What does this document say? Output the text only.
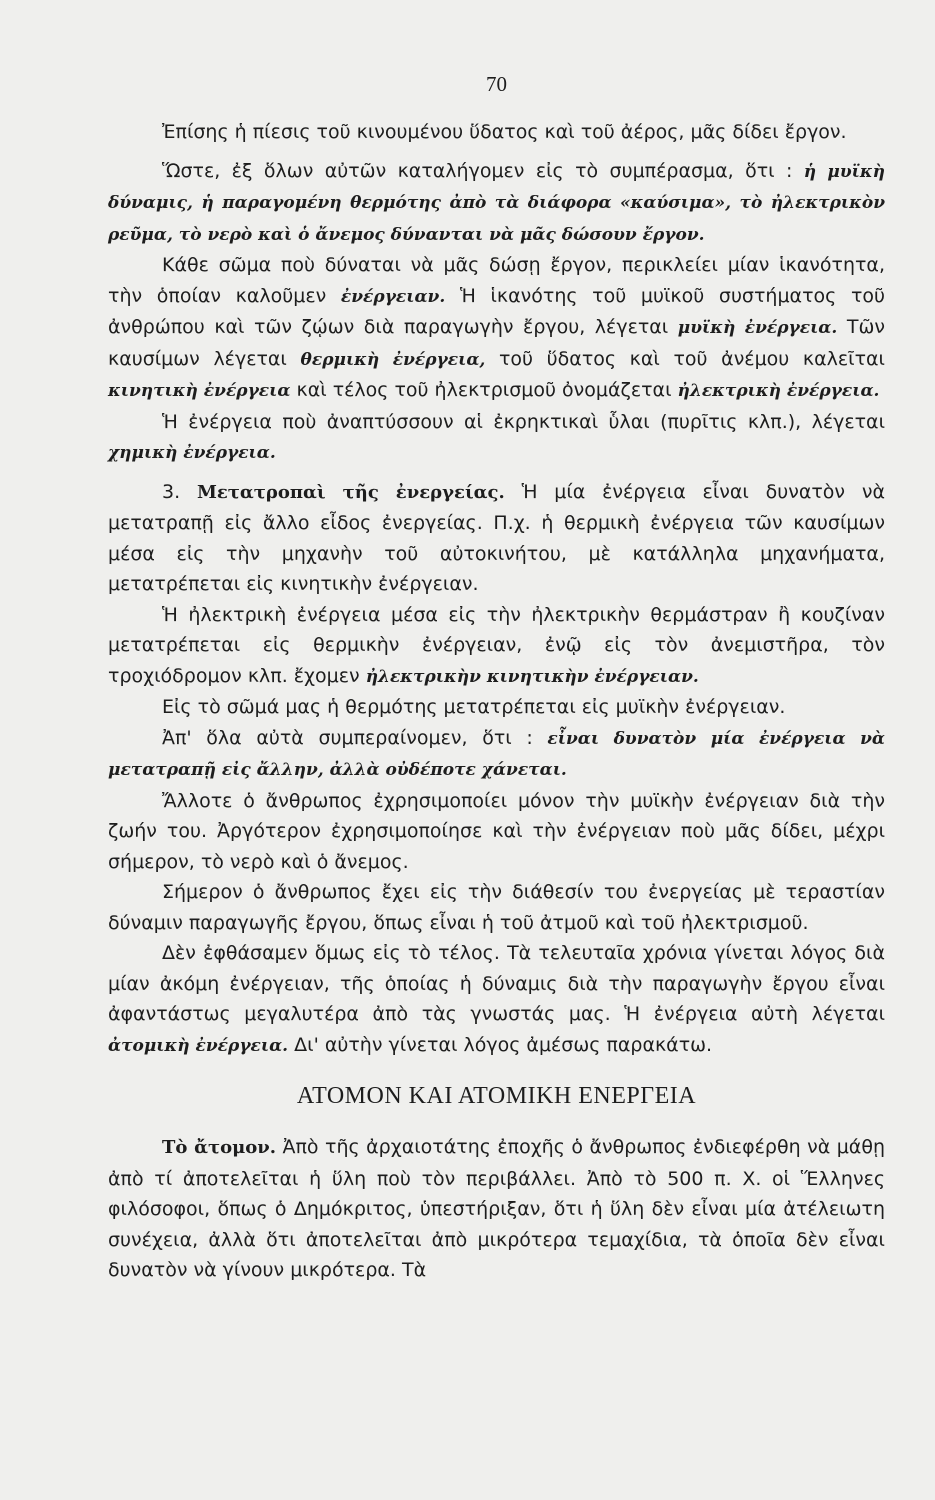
70

Ἐπίσης ἡ πίεσις τοῦ κινουμένου ὕδατος καὶ τοῦ ἀέρος, μᾶς δίδει ἔργον.

Ὥστε, ἐξ ὅλων αὐτῶν καταλήγομεν εἰς τὸ συμπέρασμα, ὅτι : ἡ μυϊκὴ δύναμις, ἡ παραγομένη θερμότης ἀπὸ τὰ διάφορα «καύσιμα», τὸ ἠλεκτρικὸν ρεῦμα, τὸ νερὸ καὶ ὁ ἄνεμος δύνανται νὰ μᾶς δώσουν ἔργον.

Κάθε σῶμα ποὺ δύναται νὰ μᾶς δώσῃ ἔργον, περικλείει μίαν ἱκανότητα, τὴν ὁποίαν καλοῦμεν ἐνέργειαν. Ἡ ἱκανότης τοῦ μυϊκοῦ συστήματος τοῦ ἀνθρώπου καὶ τῶν ζῴων διὰ παραγωγὴν ἔργου, λέγεται μυϊκὴ ἐνέργεια. Τῶν καυσίμων λέγεται θερμικὴ ἐνέργεια, τοῦ ὕδατος καὶ τοῦ ἀνέμου καλεῖται κινητικὴ ἐνέργεια καὶ τέλος τοῦ ἠλεκτρισμοῦ ὀνομάζεται ἠλεκτρικὴ ἐνέργεια.

Ἡ ἐνέργεια ποὺ ἀναπτύσσουν αἱ ἐκρηκτικαὶ ὗλαι (πυρῖτις κλπ.), λέγεται χημικὴ ἐνέργεια.

3. Μετατροπαὶ τῆς ἐνεργείας. Ἡ μία ἐνέργεια εἶναι δυνατὸν νὰ μετατραπῇ εἰς ἄλλο εἶδος ἐνεργείας. Π.χ. ἡ θερμικὴ ἐνέργεια τῶν καυσίμων μέσα εἰς τὴν μηχανὴν τοῦ αὐτοκινήτου, μὲ κατάλληλα μηχανήματα, μετατρέπεται εἰς κινητικὴν ἐνέργειαν.

Ἡ ἠλεκτρικὴ ἐνέργεια μέσα εἰς τὴν ἠλεκτρικὴν θερμάστραν ἢ κουζίναν μετατρέπεται εἰς θερμικὴν ἐνέργειαν, ἐνῷ εἰς τὸν ἀνεμιστῆρα, τὸν τροχιόδρομον κλπ. ἔχομεν ἠλεκτρικὴν κινητικὴν ἐνέργειαν.

Εἰς τὸ σῶμά μας ἡ θερμότης μετατρέπεται εἰς μυϊκὴν ἐνέργειαν.

Ἀπ' ὅλα αὐτὰ συμπεραίνομεν, ὅτι : εἶναι δυνατὸν μία ἐνέργεια νὰ μετατραπῇ εἰς ἄλλην, ἀλλὰ οὐδέποτε χάνεται.

Ἄλλοτε ὁ ἄνθρωπος ἐχρησιμοποίει μόνον τὴν μυϊκὴν ἐνέργειαν διὰ τὴν ζωήν του. Ἀργότερον ἐχρησιμοποίησε καὶ τὴν ἐνέργειαν ποὺ μᾶς δίδει, μέχρι σήμερον, τὸ νερὸ καὶ ὁ ἄνεμος.

Σήμερον ὁ ἄνθρωπος ἔχει εἰς τὴν διάθεσίν του ἐνεργείας μὲ τεραστίαν δύναμιν παραγωγῆς ἔργου, ὅπως εἶναι ἡ τοῦ ἀτμοῦ καὶ τοῦ ἠλεκτρισμοῦ.

Δὲν ἐφθάσαμεν ὅμως εἰς τὸ τέλος. Τὰ τελευταῖα χρόνια γίνεται λόγος διὰ μίαν ἀκόμη ἐνέργειαν, τῆς ὁποίας ἡ δύναμις διὰ τὴν παραγωγὴν ἔργου εἶναι ἀφαντάστως μεγαλυτέρα ἀπὸ τὰς γνωστάς μας. Ἡ ἐνέργεια αὐτὴ λέγεται ἀτομικὴ ἐνέργεια. Δι' αὐτὴν γίνεται λόγος ἀμέσως παρακάτω.

ΑΤΟΜΟΝ ΚΑΙ ΑΤΟΜΙΚΗ ΕΝΕΡΓΕΙΑ

Τὸ ἄτομον. Ἀπὸ τῆς ἀρχαιοτάτης ἐποχῆς ὁ ἄνθρωπος ἐνδιεφέρθη νὰ μάθῃ ἀπὸ τί ἀποτελεῖται ἡ ὕλη ποὺ τὸν περιβάλλει. Ἀπὸ τὸ 500 π. Χ. οἱ Ἕλληνες φιλόσοφοι, ὅπως ὁ Δημόκριτος, ὑπεστήριξαν, ὅτι ἡ ὕλη δὲν εἶναι μία ἀτέλειωτη συνέχεια, ἀλλὰ ὅτι ἀποτελεῖται ἀπὸ μικρότερα τεμαχίδια, τὰ ὁποῖα δὲν εἶναι δυνατὸν νὰ γίνουν μικρότερα. Τὰ
